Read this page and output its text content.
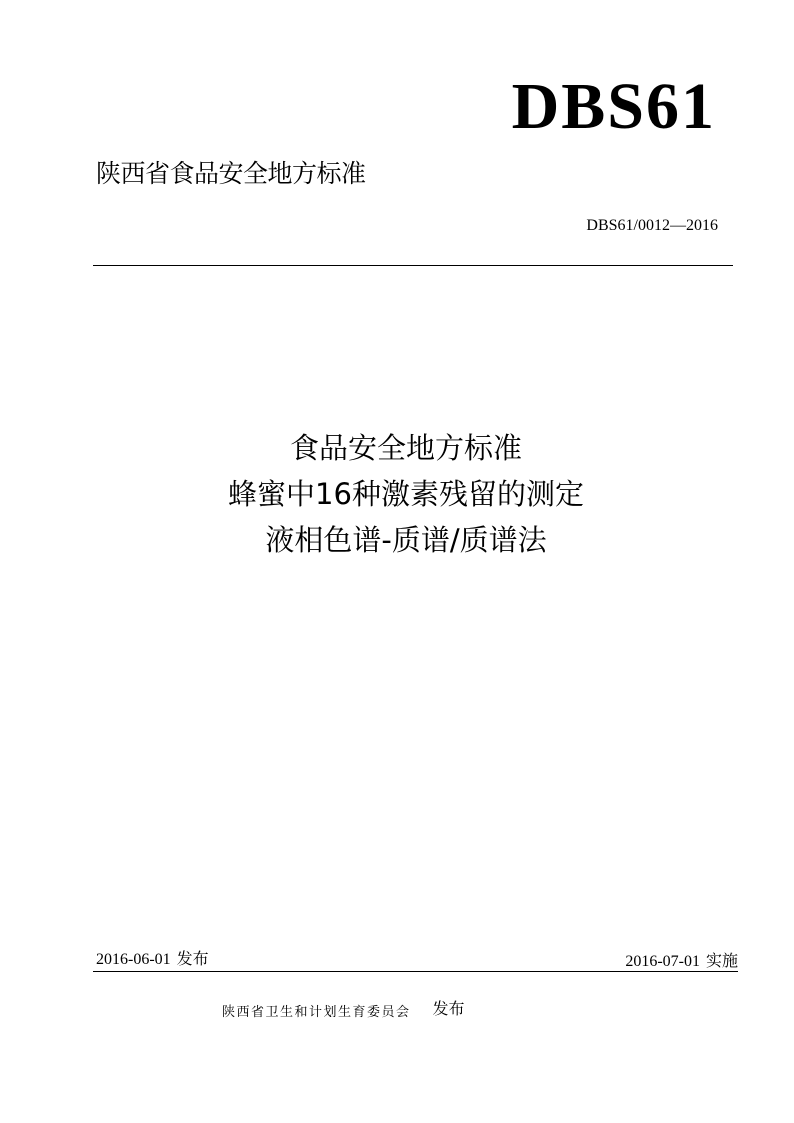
DBS61
陕西省食品安全地方标准
DBS61/0012—2016
食品安全地方标准
蜂蜜中16种激素残留的测定
液相色谱-质谱/质谱法
2016-06-01 发布	2016-07-01 实施
陕西省卫生和计划生育委员会 发布
